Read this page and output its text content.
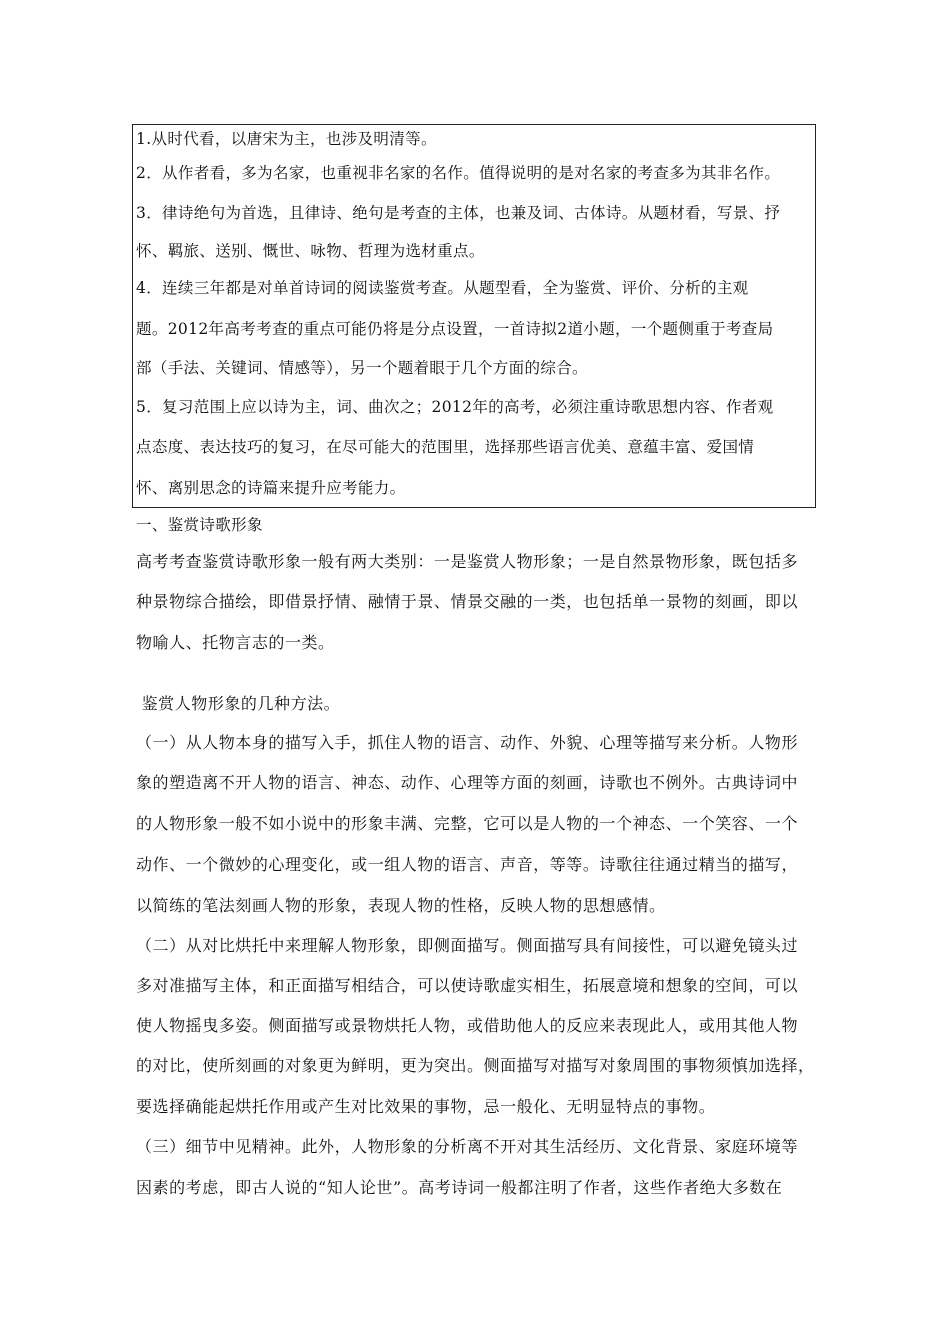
1.从时代看，以唐宋为主，也涉及明清等。
2．从作者看，多为名家，也重视非名家的名作。值得说明的是对名家的考查多为其非名作。
3．律诗绝句为首选，且律诗、绝句是考查的主体，也兼及词、古体诗。从题材看，写景、抒
怀、羁旅、送别、慨世、咏物、哲理为选材重点。
4．连续三年都是对单首诗词的阅读鉴赏考查。从题型看，全为鉴赏、评价、分析的主观
题。2012年高考考查的重点可能仍将是分点设置，一首诗拟2道小题，一个题侧重于考查局
部（手法、关键词、情感等），另一个题着眼于几个方面的综合。
5．复习范围上应以诗为主，词、曲次之；2012年的高考，必须注重诗歌思想内容、作者观
点态度、表达技巧的复习，在尽可能大的范围里，选择那些语言优美、意蕴丰富、爱国情
怀、离别思念的诗篇来提升应考能力。
一、鉴赏诗歌形象
高考考查鉴赏诗歌形象一般有两大类别：一是鉴赏人物形象；一是自然景物形象，既包括多
种景物综合描绘，即借景抒情、融情于景、情景交融的一类，也包括单一景物的刻画，即以
物喻人、托物言志的一类。
鉴赏人物形象的几种方法。
（一）从人物本身的描写入手，抓住人物的语言、动作、外貌、心理等描写来分析。人物形
象的塑造离不开人物的语言、神态、动作、心理等方面的刻画，诗歌也不例外。古典诗词中
的人物形象一般不如小说中的形象丰满、完整，它可以是人物的一个神态、一个笑容、一个
动作、一个微妙的心理变化，或一组人物的语言、声音，等等。诗歌往往通过精当的描写，
以简练的笔法刻画人物的形象，表现人物的性格，反映人物的思想感情。
（二）从对比烘托中来理解人物形象，即侧面描写。侧面描写具有间接性，可以避免镜头过
多对准描写主体，和正面描写相结合，可以使诗歌虚实相生，拓展意境和想象的空间，可以
使人物摇曳多姿。侧面描写或景物烘托人物，或借助他人的反应来表现此人，或用其他人物
的对比，使所刻画的对象更为鲜明，更为突出。侧面描写对描写对象周围的事物须慎加选择，
要选择确能起烘托作用或产生对比效果的事物，忌一般化、无明显特点的事物。
（三）细节中见精神。此外，人物形象的分析离不开对其生活经历、文化背景、家庭环境等
因素的考虑，即古人说的“知人论世”。高考诗词一般都注明了作者，这些作者绝大多数在
